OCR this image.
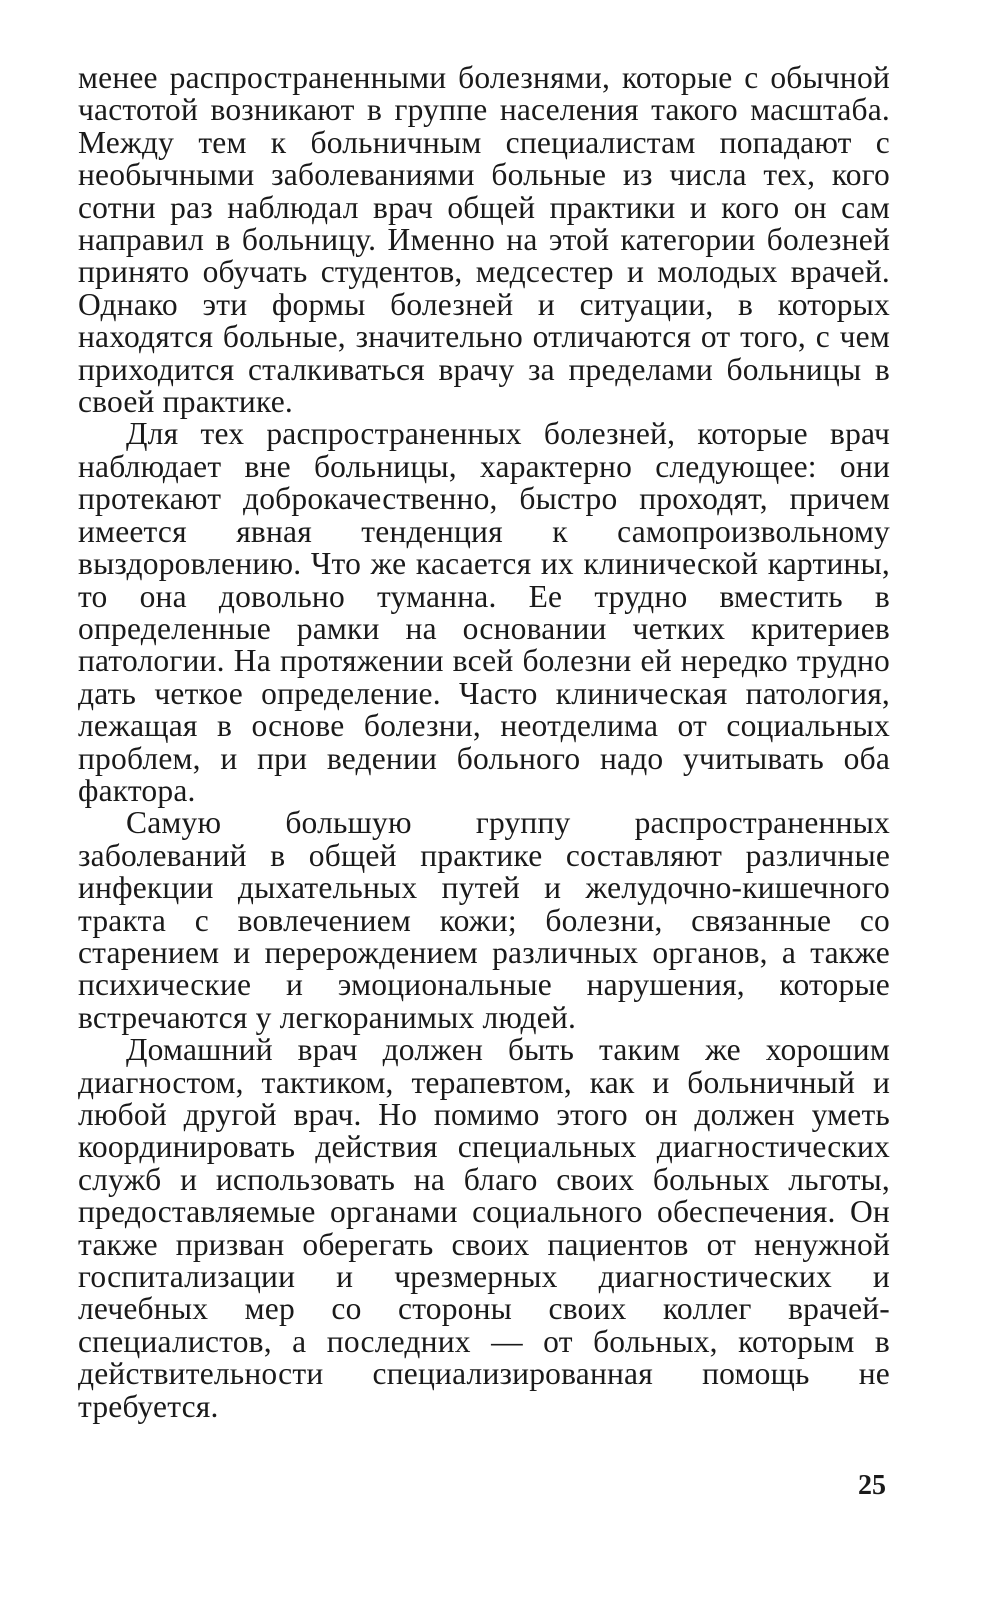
менее распространенными болезнями, которые с обычной частотой возникают в группе населения такого масштаба. Между тем к больничным специалистам попадают с необычными заболеваниями больные из числа тех, кого сотни раз наблюдал врач общей практики и кого он сам направил в больницу. Именно на этой категории болезней принято обучать студентов, медсестер и молодых врачей. Однако эти формы болезней и ситуации, в которых находятся больные, значительно отличаются от того, с чем приходится сталкиваться врачу за пределами больницы в своей практике.

Для тех распространенных болезней, которые врач наблюдает вне больницы, характерно следующее: они протекают доброкачественно, быстро проходят, причем имеется явная тенденция к самопроизвольному выздоровлению. Что же касается их клинической картины, то она довольно туманна. Ее трудно вместить в определенные рамки на основании четких критериев патологии. На протяжении всей болезни ей нередко трудно дать четкое определение. Часто клиническая патология, лежащая в основе болезни, неотделима от социальных проблем, и при ведении больного надо учитывать оба фактора.

Самую большую группу распространенных заболеваний в общей практике составляют различные инфекции дыхательных путей и желудочно-кишечного тракта с вовлечением кожи; болезни, связанные со старением и перерождением различных органов, а также психические и эмоциональные нарушения, которые встречаются у легкоранимых людей.

Домашний врач должен быть таким же хорошим диагностом, тактиком, терапевтом, как и больничный и любой другой врач. Но помимо этого он должен уметь координировать действия специальных диагностических служб и использовать на благо своих больных льготы, предоставляемые органами социального обеспечения. Он также призван оберегать своих пациентов от ненужной госпитализации и чрезмерных диагностических и лечебных мер со стороны своих коллег врачей-специалистов, а последних — от больных, которым в действительности специализированная помощь не требуется.

25
